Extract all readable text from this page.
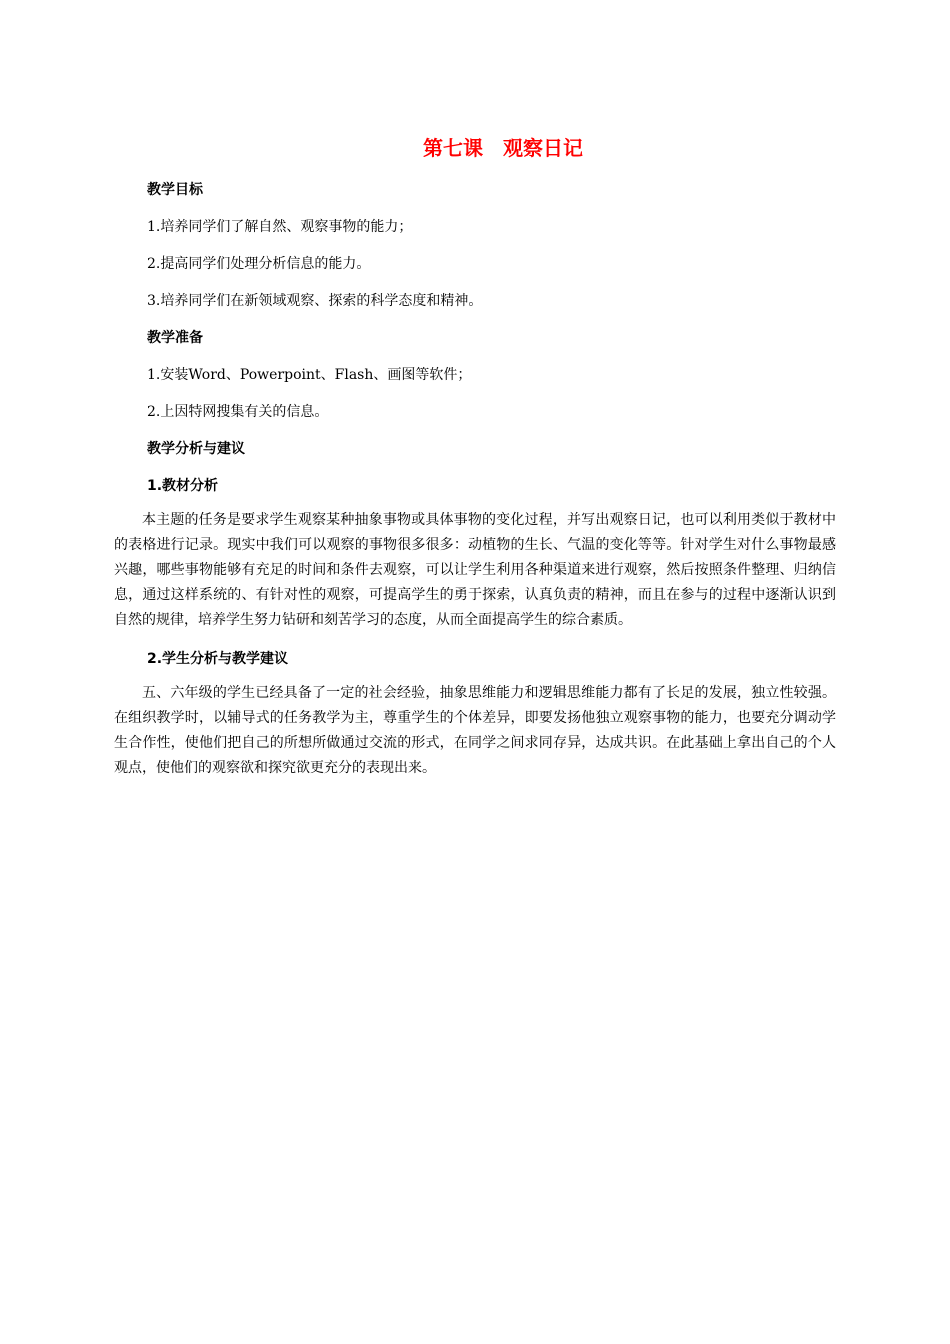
第七课　观察日记
教学目标
1.培养同学们了解自然、观察事物的能力；
2.提高同学们处理分析信息的能力。
3.培养同学们在新领域观察、探索的科学态度和精神。
教学准备
1.安装Word、Powerpoint、Flash、画图等软件；
2.上因特网搜集有关的信息。
教学分析与建议
1.教材分析

本主题的任务是要求学生观察某种抽象事物或具体事物的变化过程，并写出观察日记，也可以利用类似于教材中的表格进行记录。现实中我们可以观察的事物很多很多：动植物的生长、气温的变化等等。针对学生对什么事物最感兴趣，哪些事物能够有充足的时间和条件去观察，可以让学生利用各种渠道来进行观察，然后按照条件整理、归纳信息，通过这样系统的、有针对性的观察，可提高学生的勇于探索，认真负责的精神，而且在参与的过程中逐渐认识到自然的规律，培养学生努力钻研和刻苦学习的态度，从而全面提高学生的综合素质。

2.学生分析与教学建议

五、六年级的学生已经具备了一定的社会经验，抽象思维能力和逻辑思维能力都有了长足的发展，独立性较强。在组织教学时，以辅导式的任务教学为主，尊重学生的个体差异，即要发扬他独立观察事物的能力，也要充分调动学生合作性，使他们把自己的所想所做通过交流的形式，在同学之间求同存异，达成共识。在此基础上拿出自己的个人观点，使他们的观察欲和探究欲更充分的表现出来。
